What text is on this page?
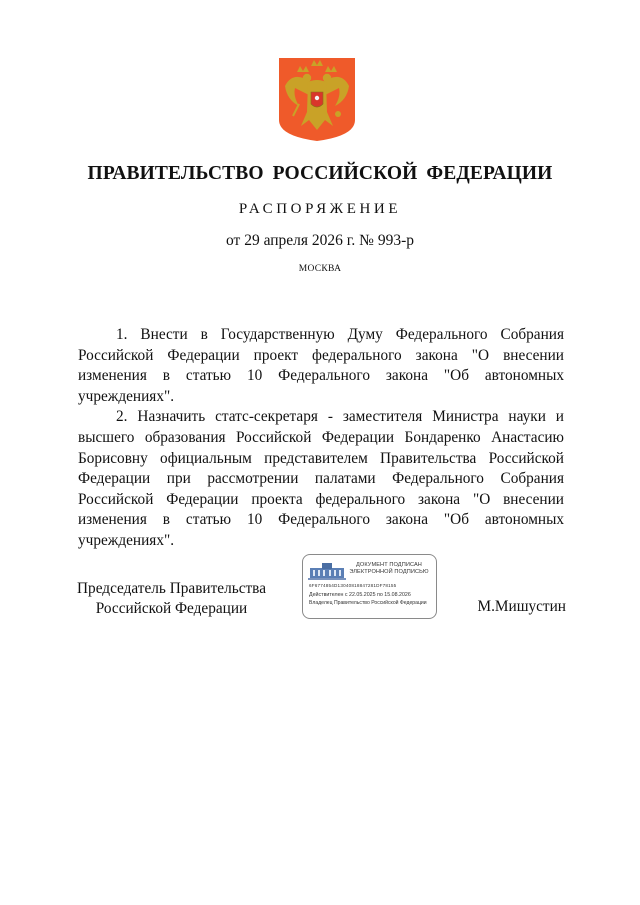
ПРАВИТЕЛЬСТВО РОССИЙСКОЙ ФЕДЕРАЦИИ
РАСПОРЯЖЕНИЕ
от 29 апреля 2026 г. № 993-р
МОСКВА

1. Внести в Государственную Думу Федерального Собрания Российской Федерации проект федерального закона "О внесении изменения в статью 10 Федерального закона "Об автономных учреждениях".

2. Назначить статс-секретаря - заместителя Министра науки и высшего образования Российской Федерации Бондаренко Анастасию Борисовну официальным представителем Правительства Российской Федерации при рассмотрении палатами Федерального Собрания Российской Федерации проекта федерального закона "О внесении изменения в статью 10 Федерального закона "Об автономных учреждениях".

Председатель Правительства
Российской Федерации
ДОКУМЕНТ ПОДПИСАН
ЭЛЕКТРОННОЙ ПОДПИСЬЮ
6F6774854D13040818847281DF78155
Действителен с 22.05.2025 по 15.08.2026
Владелец Правительство Российской Федерации	М.Мишустин
